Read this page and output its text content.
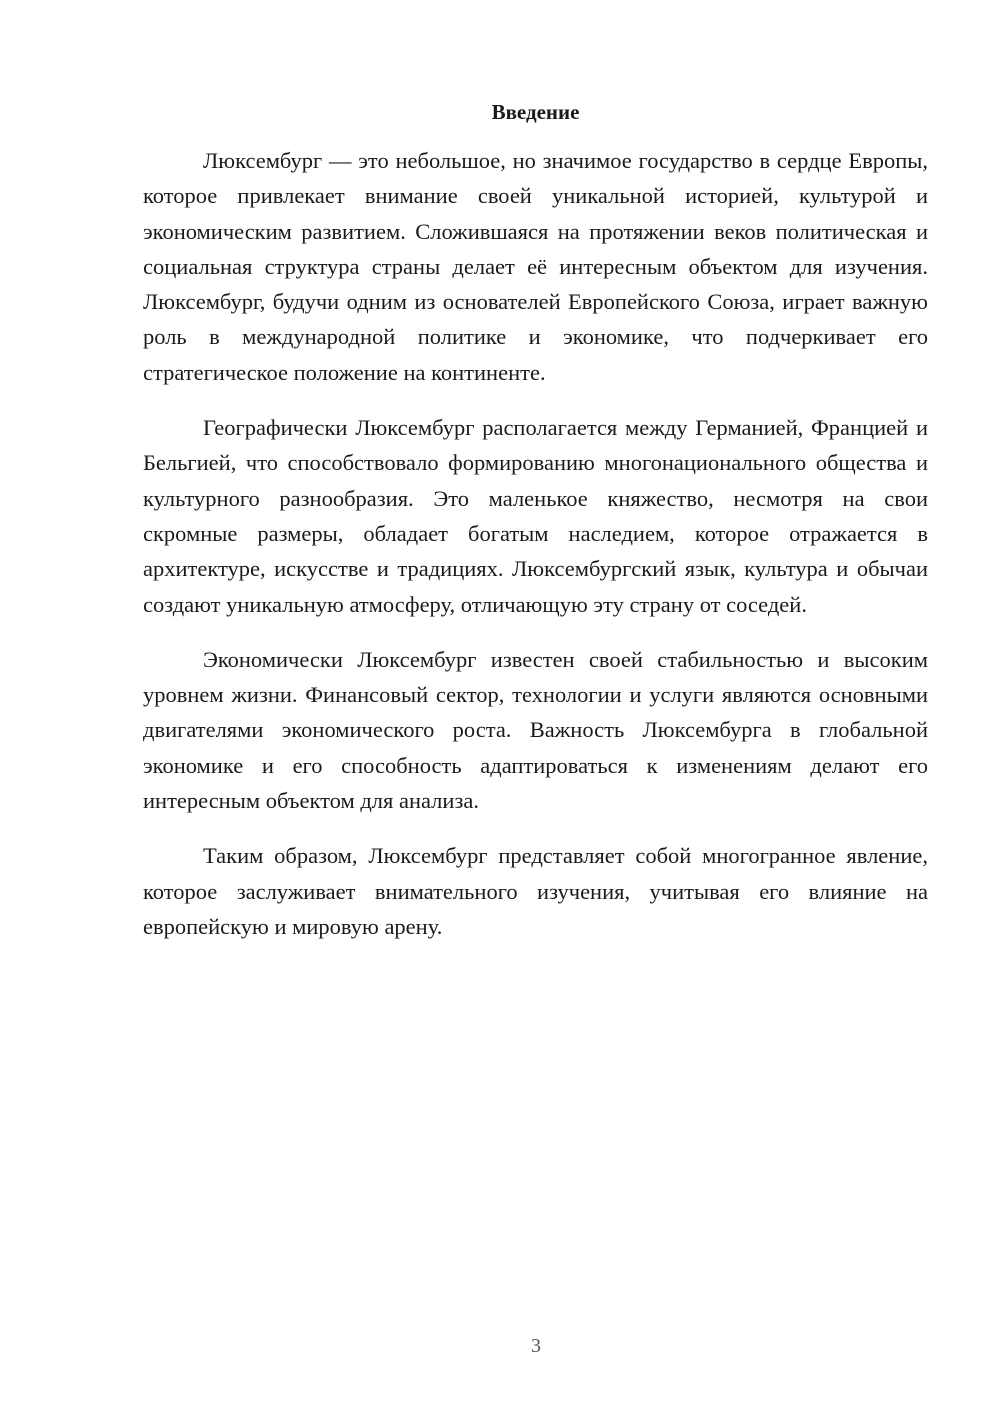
Введение

Люксембург — это небольшое, но значимое государство в сердце Европы, которое привлекает внимание своей уникальной историей, культурой и экономическим развитием. Сложившаяся на протяжении веков политическая и социальная структура страны делает её интересным объектом для изучения. Люксембург, будучи одним из основателей Европейского Союза, играет важную роль в международной политике и экономике, что подчеркивает его стратегическое положение на континенте.

Географически Люксембург располагается между Германией, Францией и Бельгией, что способствовало формированию многонационального общества и культурного разнообразия. Это маленькое княжество, несмотря на свои скромные размеры, обладает богатым наследием, которое отражается в архитектуре, искусстве и традициях. Люксембургский язык, культура и обычаи создают уникальную атмосферу, отличающую эту страну от соседей.

Экономически Люксембург известен своей стабильностью и высоким уровнем жизни. Финансовый сектор, технологии и услуги являются основными двигателями экономического роста. Важность Люксембурга в глобальной экономике и его способность адаптироваться к изменениям делают его интересным объектом для анализа.

Таким образом, Люксембург представляет собой многогранное явление, которое заслуживает внимательного изучения, учитывая его влияние на европейскую и мировую арену.

3
